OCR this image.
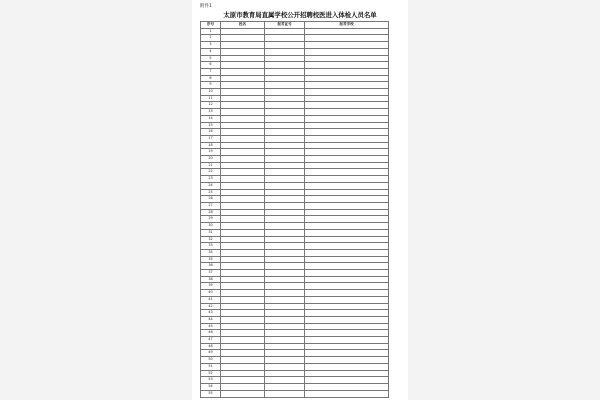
附件1
太原市教育局直属学校公开招聘校医进入体检人员名单
序号	姓名	报考证号	报考学校
1			
2			
3			
4			
5			
6			
7			
8			
9			
10			
11			
12			
13			
14			
15			
16			
17			
18			
19			
20			
21			
22			
23			
24			
25			
26			
27			
28			
29			
30			
31			
32			
33			
34			
35			
36			
37			
38			
39			
40			
41			
42			
43			
44			
45			
46			
47			
48			
49			
50			
51			
52			
53			
54			
55			
